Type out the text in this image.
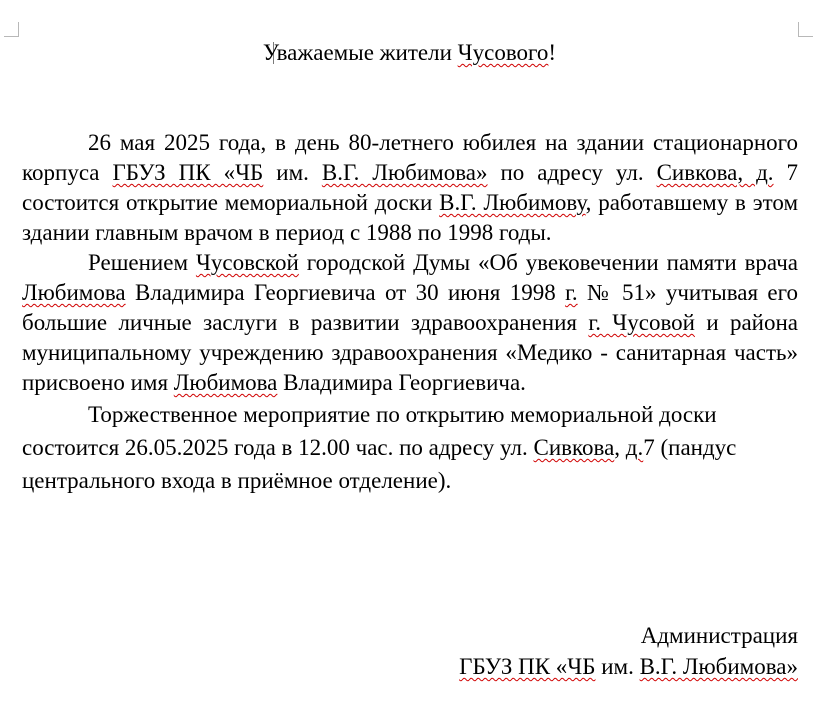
Уважаемые жители Чусового!

26 мая 2025 года, в день 80-летнего юбилея на здании стационарного корпуса ГБУЗ ПК «ЧБ им. В.Г. Любимова» по адресу ул. Сивкова, д. 7 состоится открытие мемориальной доски В.Г. Любимову, работавшему в этом здании главным врачом в период с 1988 по 1998 годы.

Решением Чусовской городской Думы «Об увековечении памяти врача Любимова Владимира Георгиевича от 30 июня 1998 г. № 51» учитывая его большие личные заслуги в развитии здравоохранения г. Чусовой и района муниципальному учреждению здравоохранения «Медико - санитарная часть» присвоено имя Любимова Владимира Георгиевича.

Торжественное мероприятие по открытию мемориальной доски состоится 26.05.2025 года в 12.00 час. по адресу ул. Сивкова, д.7 (пандус центрального входа в приёмное отделение).

Администрация
ГБУЗ ПК «ЧБ им. В.Г. Любимова»
